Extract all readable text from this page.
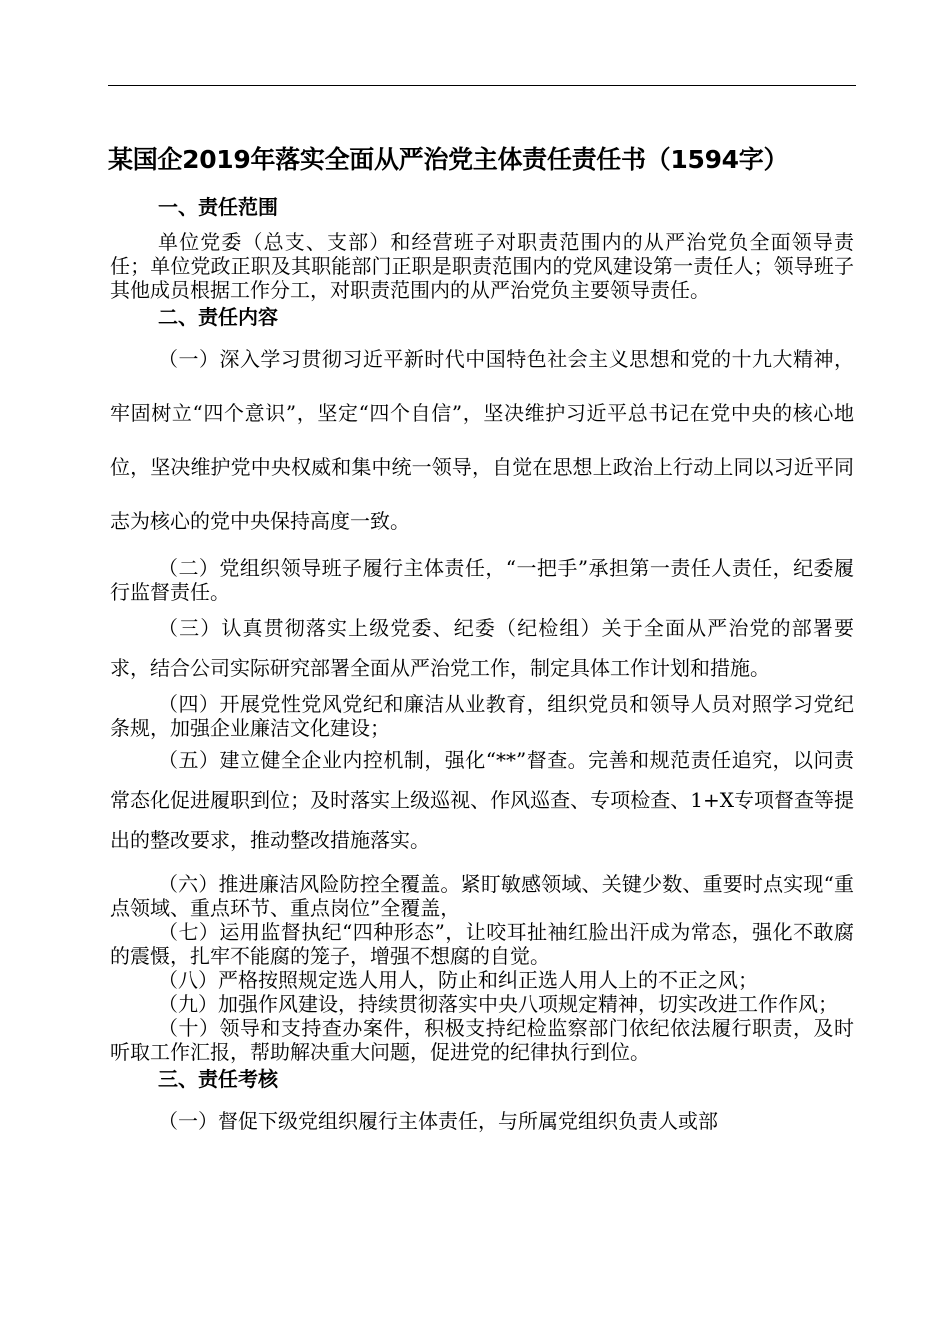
某国企2019年落实全面从严治党主体责任责任书（1594字）
一、责任范围

单位党委（总支、支部）和经营班子对职责范围内的从严治党负全面领导责任；单位党政正职及其职能部门正职是职责范围内的党风建设第一责任人；领导班子其他成员根据工作分工，对职责范围内的从严治党负主要领导责任。

二、责任内容

（一）深入学习贯彻习近平新时代中国特色社会主义思想和党的十九大精神，牢固树立“四个意识”，坚定“四个自信”，坚决维护习近平总书记在党中央的核心地位，坚决维护党中央权威和集中统一领导，自觉在思想上政治上行动上同以习近平同志为核心的党中央保持高度一致。

（二）党组织领导班子履行主体责任，“一把手”承担第一责任人责任，纪委履行监督责任。

（三）认真贯彻落实上级党委、纪委（纪检组）关于全面从严治党的部署要求，结合公司实际研究部署全面从严治党工作，制定具体工作计划和措施。

（四）开展党性党风党纪和廉洁从业教育，组织党员和领导人员对照学习党纪条规，加强企业廉洁文化建设；

（五）建立健全企业内控机制，强化“**”督查。完善和规范责任追究，以问责常态化促进履职到位；及时落实上级巡视、作风巡查、专项检查、1+X专项督查等提出的整改要求，推动整改措施落实。

（六）推进廉洁风险防控全覆盖。紧盯敏感领域、关键少数、重要时点实现“重点领域、重点环节、重点岗位”全覆盖，

（七）运用监督执纪“四种形态”，让咬耳扯袖红脸出汗成为常态，强化不敢腐的震慑，扎牢不能腐的笼子，增强不想腐的自觉。

（八）严格按照规定选人用人，防止和纠正选人用人上的不正之风；

（九）加强作风建设，持续贯彻落实中央八项规定精神，切实改进工作作风；

（十）领导和支持查办案件，积极支持纪检监察部门依纪依法履行职责，及时听取工作汇报，帮助解决重大问题，促进党的纪律执行到位。

三、责任考核

（一）督促下级党组织履行主体责任，与所属党组织负责人或部
